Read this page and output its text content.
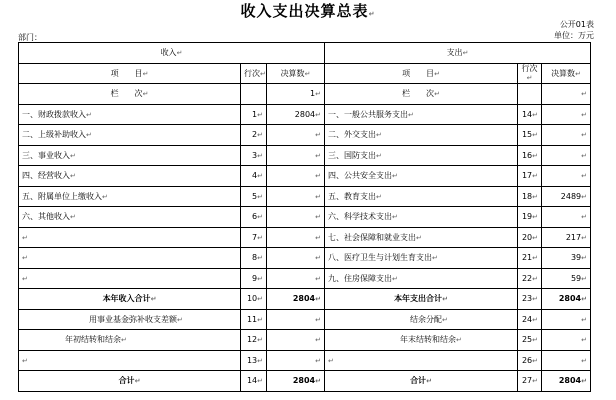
收入支出决算总表↵
公开01表
单位：万元
部门：
收入↵			支出↵		
项　　目↵	行次↵	决算数↵	项　　目↵	行次↵	决算数↵
栏　　次↵		1↵	栏　　次↵		↵
一、财政拨款收入↵	1↵	2804↵	一、一般公共服务支出↵	14↵	↵
二、上级补助收入↵	2↵	↵	二、外交支出↵	15↵	↵
三、事业收入↵	3↵	↵	三、国防支出↵	16↵	↵
四、经营收入↵	4↵	↵	四、公共安全支出↵	17↵	↵
五、附属单位上缴收入↵	5↵	↵	五、教育支出↵	18↵	2489↵
六、其他收入↵	6↵	↵	六、科学技术支出↵	19↵	↵
↵	7↵	↵	七、社会保障和就业支出↵	20↵	217↵
↵	8↵	↵	八、医疗卫生与计划生育支出↵	21↵	39↵
↵	9↵	↵	九、住房保障支出↵	22↵	59↵
本年收入合计↵	10↵	2804↵	本年支出合计↵	23↵	2804↵
用事业基金弥补收支差额↵	11↵	↵	结余分配↵	24↵	↵
年初结转和结余↵	12↵	↵	年末结转和结余↵	25↵	↵
↵	13↵	↵	↵	26↵	↵
合计↵	14↵	2804↵	合计↵	27↵	2804↵
